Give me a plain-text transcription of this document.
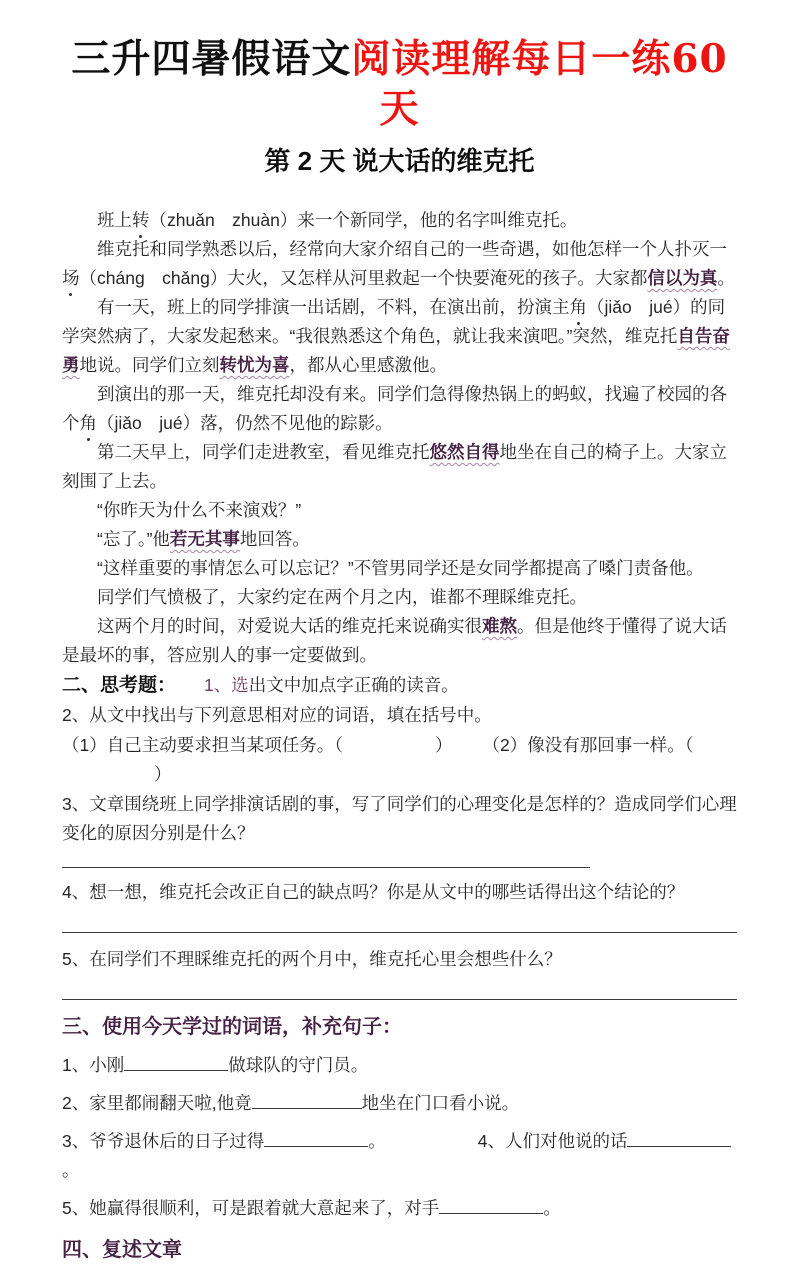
三升四暑假语文阅读理解每日一练60天
第 2 天 说大话的维克托
班上转（zhuǎn　zhuàn）来一个新同学，他的名字叫维克托。
维克托和同学熟悉以后，经常向大家介绍自己的一些奇遇，如他怎样一个人扑灭一场（cháng　chǎng）大火，又怎样从河里救起一个快要淹死的孩子。大家都信以为真。
有一天，班上的同学排演一出话剧，不料，在演出前，扮演主角（jiǎo　jué）的同学突然病了，大家发起愁来。“我很熟悉这个角色，就让我来演吧。”突然，维克托自告奋勇地说。同学们立刻转忧为喜，都从心里感激他。
到演出的那一天，维克托却没有来。同学们急得像热锅上的蚂蚁，找遍了校园的各个角（jiǎo　jué）落，仍然不见他的踪影。
第二天早上，同学们走进教室，看见维克托悠然自得地坐在自己的椅子上。大家立刻围了上去。
“你昨天为什么不来演戏？”
“忘了。”他若无其事地回答。
“这样重要的事情怎么可以忘记？”不管男同学还是女同学都提高了嗓门责备他。
同学们气愤极了，大家约定在两个月之内，谁都不理睬维克托。
这两个月的时间，对爱说大话的维克托来说确实很难熬。但是他终于懂得了说大话是最坏的事，答应别人的事一定要做到。
二、思考题： 1、选出文中加点字正确的读音。
2、从文中找出与下列意思相对应的词语，填在括号中。
（1）自己主动要求担当某项任务。（	） （2）像没有那回事一样。（）
3、文章围绕班上同学排演话剧的事，写了同学们的心理变化是怎样的？造成同学们心理变化的原因分别是什么？
4、想一想，维克托会改正自己的缺点吗？你是从文中的哪些话得出这个结论的？
5、在同学们不理睬维克托的两个月中，维克托心里会想些什么？
三、使用今天学过的词语，补充句子：
1、小刚	做球队的守门员。
2、家里都闹翻天啦,他竟	地坐在门口看小说。
3、爷爷退休后的日子过得	。	4、人们对他说的话。
5、她赢得很顺利，可是跟着就大意起来了，对手	。
四、复述文章
